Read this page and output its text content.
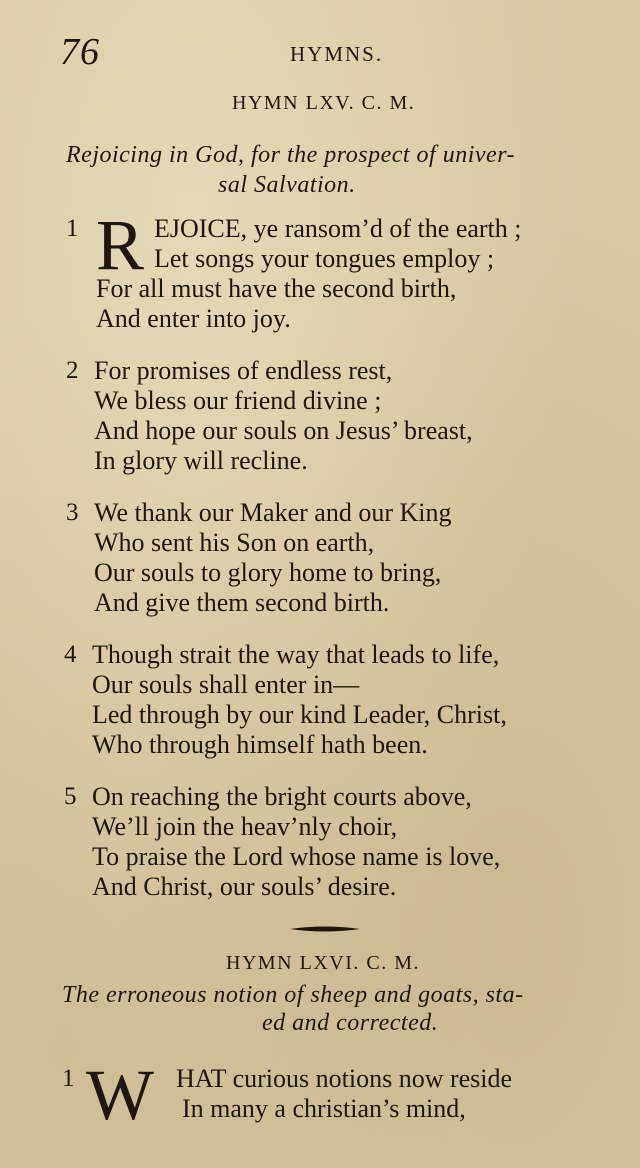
76	HYMNS.
HYMN LXV. C. M.
Rejoicing in God, for the prospect of univer-
sal Salvation.
1 R EJOICE, ye ransom’d of the earth ;
Let songs your tongues employ ;
For all must have the second birth,
And enter into joy.
2 For promises of endless rest,
We bless our friend divine ;
And hope our souls on Jesus’ breast,
In glory will recline.
3 We thank our Maker and our King
Who sent his Son on earth,
Our souls to glory home to bring,
And give them second birth.
4 Though strait the way that leads to life,
Our souls shall enter in—
Led through by our kind Leader, Christ,
Who through himself hath been.
5 On reaching the bright courts above,
We’ll join the heav’nly choir,
To praise the Lord whose name is love,
And Christ, our souls’ desire.
HYMN LXVI. C. M.
The erroneous notion of sheep and goats, sta-
ed and corrected.
1 W HAT curious notions now reside
In many a christian’s mind,
